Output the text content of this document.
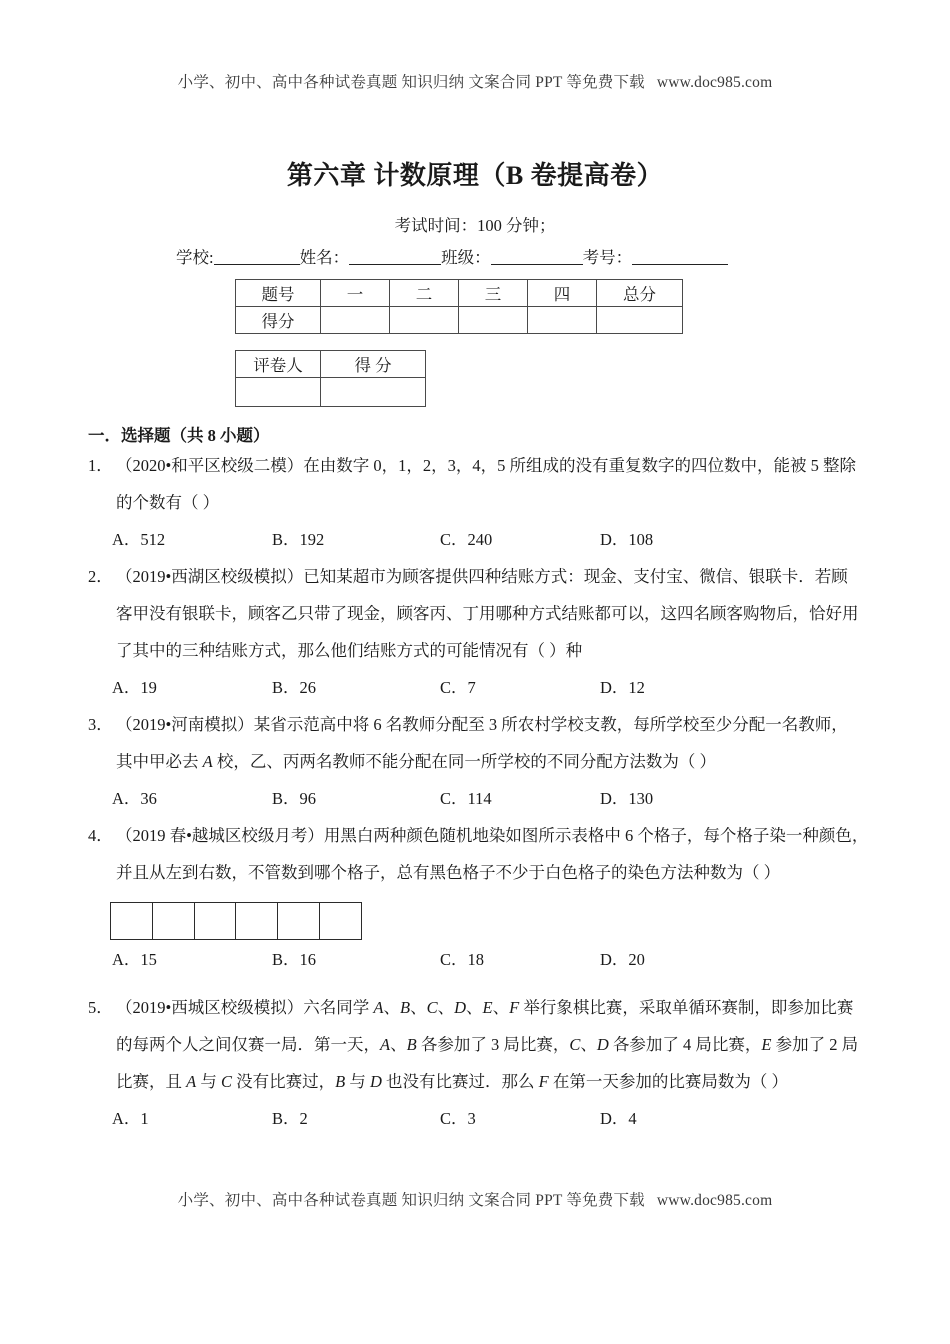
小学、初中、高中各种试卷真题 知识归纳 文案合同 PPT 等免费下载 www.doc985.com
第六章 计数原理（B 卷提高卷）
考试时间：100 分钟；
学校:	姓名：	班级：	考号：
题号	一	二	三	四	总分
得分					
评卷人	得 分

一．选择题（共 8 小题）
1． （2020•和平区校级二模）在由数字 0，1，2，3，4，5 所组成的没有重复数字的四位数中，能被 5 整除
的个数有（ ）
A．512	B．192	C．240	D．108
2． （2019•西湖区校级模拟）已知某超市为顾客提供四种结账方式：现金、支付宝、微信、银联卡．若顾
客甲没有银联卡，顾客乙只带了现金，顾客丙、丁用哪种方式结账都可以，这四名顾客购物后，恰好用
了其中的三种结账方式，那么他们结账方式的可能情况有（ ）种
A．19	B．26	C．7	D．12
3． （2019•河南模拟）某省示范高中将 6 名教师分配至 3 所农村学校支教，每所学校至少分配一名教师，
其中甲必去 A 校，乙、丙两名教师不能分配在同一所学校的不同分配方法数为（ ）
A．36	B．96	C．114	D．130
4． （2019 春•越城区校级月考）用黑白两种颜色随机地染如图所示表格中 6 个格子，每个格子染一种颜色，
并且从左到右数，不管数到哪个格子，总有黑色格子不少于白色格子的染色方法种数为（ ）
A．15	B．16	C．18	D．20
5． （2019•西城区校级模拟）六名同学 A、B、C、D、E、F 举行象棋比赛，采取单循环赛制，即参加比赛
的每两个人之间仅赛一局．第一天，A、B 各参加了 3 局比赛，C、D 各参加了 4 局比赛，E 参加了 2 局
比赛，且 A 与 C 没有比赛过，B 与 D 也没有比赛过．那么 F 在第一天参加的比赛局数为（ ）
A．1	B．2	C．3	D．4
小学、初中、高中各种试卷真题 知识归纳 文案合同 PPT 等免费下载 www.doc985.com
